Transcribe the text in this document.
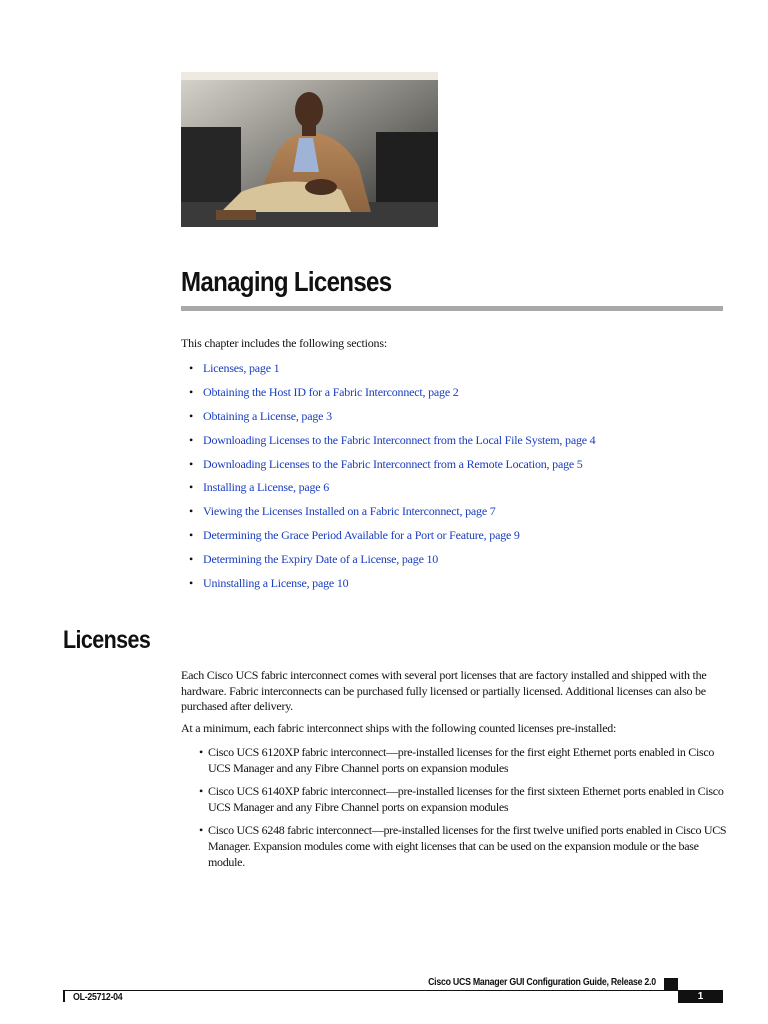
Managing Licenses

This chapter includes the following sections:

• Licenses, page 1
• Obtaining the Host ID for a Fabric Interconnect, page 2
• Obtaining a License, page 3
• Downloading Licenses to the Fabric Interconnect from the Local File System, page 4
• Downloading Licenses to the Fabric Interconnect from a Remote Location, page 5
• Installing a License, page 6
• Viewing the Licenses Installed on a Fabric Interconnect, page 7
• Determining the Grace Period Available for a Port or Feature, page 9
• Determining the Expiry Date of a License, page 10
• Uninstalling a License, page 10
Licenses

Each Cisco UCS fabric interconnect comes with several port licenses that are factory installed and shipped with the hardware. Fabric interconnects can be purchased fully licensed or partially licensed. Additional licenses can also be purchased after delivery.

At a minimum, each fabric interconnect ships with the following counted licenses pre-installed:

• Cisco UCS 6120XP fabric interconnect—pre-installed licenses for the first eight Ethernet ports enabled in Cisco UCS Manager and any Fibre Channel ports on expansion modules
• Cisco UCS 6140XP fabric interconnect—pre-installed licenses for the first sixteen Ethernet ports enabled in Cisco UCS Manager and any Fibre Channel ports on expansion modules
• Cisco UCS 6248 fabric interconnect—pre-installed licenses for the first twelve unified ports enabled in Cisco UCS Manager. Expansion modules come with eight licenses that can be used on the expansion module or the base module.

Cisco UCS Manager GUI Configuration Guide, Release 2.0

OL-25712-04	1
